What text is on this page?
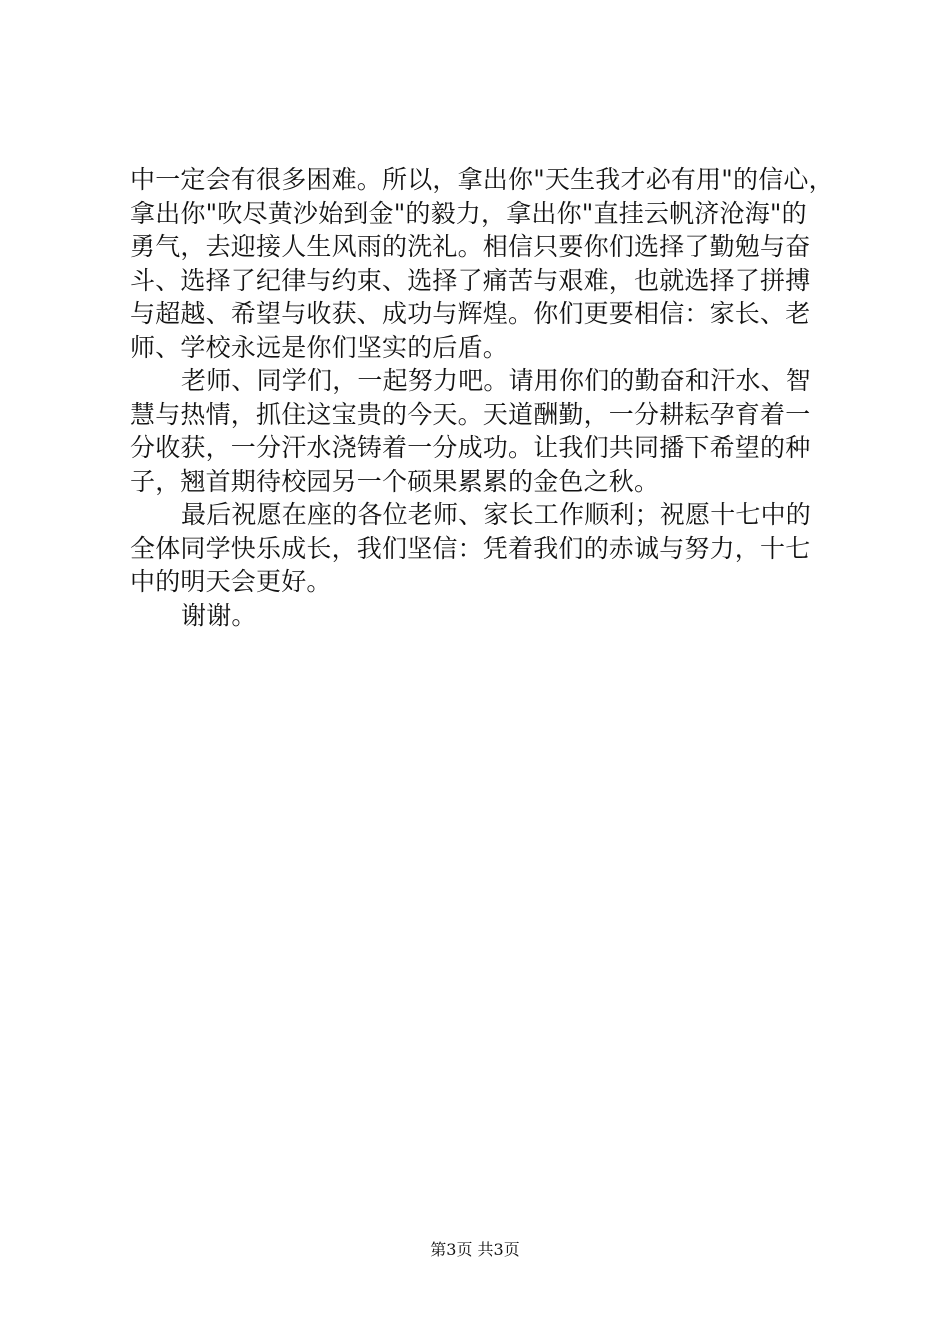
中一定会有很多困难。所以，拿出你"天生我才必有用"的信心，
拿出你"吹尽黄沙始到金"的毅力，拿出你"直挂云帆济沧海"的
勇气，去迎接人生风雨的洗礼。相信只要你们选择了勤勉与奋
斗、选择了纪律与约束、选择了痛苦与艰难，也就选择了拼搏
与超越、希望与收获、成功与辉煌。你们更要相信：家长、老
师、学校永远是你们坚实的后盾。
老师、同学们，一起努力吧。请用你们的勤奋和汗水、智
慧与热情，抓住这宝贵的今天。天道酬勤，一分耕耘孕育着一
分收获，一分汗水浇铸着一分成功。让我们共同播下希望的种
子，翘首期待校园另一个硕果累累的金色之秋。
最后祝愿在座的各位老师、家长工作顺利；祝愿十七中的
全体同学快乐成长，我们坚信：凭着我们的赤诚与努力，十七
中的明天会更好。
谢谢。
第3页 共3页
